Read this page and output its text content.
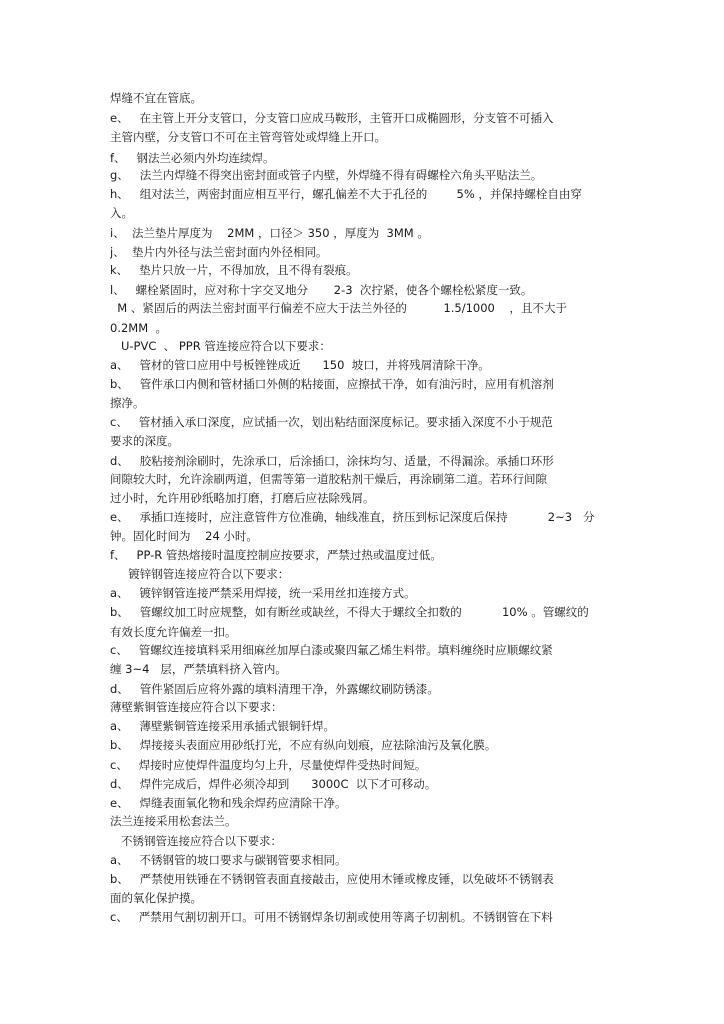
焊缝不宜在管底。
e、   在主管上开分支管口，分支管口应成马鞍形，主管开口成椭圆形，分支管不可插入
主管内壁，分支管口不可在主管弯管处或焊缝上开口。
f、   钢法兰必须内外均连续焊。
g、   法兰内焊缝不得突出密封面或管子内壁，外焊缝不得有碍螺栓六角头平贴法兰。
h、   组对法兰，两密封面应相互平行，螺孔偏差不大于孔径的        5% ，并保持螺栓自由穿
入。
i、  法兰垫片厚度为    2MM ，口径＞ 350 ，厚度为  3MM 。
j、  垫片内外径与法兰密封面内外径相同。
k、   垫片只放一片，不得加放，且不得有裂痕。
l、   螺栓紧固时，应对称十字交叉地分       2-3  次拧紧，使各个螺栓松紧度一致。
M 、紧固后的两法兰密封面平行偏差不应大于法兰外径的          1.5/1000    ，且不大于
0.2MM  。
U-PVC  、 PPR 管连接应符合以下要求：
a、   管材的管口应用中号板锉锉成近      150  坡口，并将残屑清除干净。
b、   管件承口内侧和管材插口外侧的粘接面，应擦拭干净，如有油污时，应用有机溶剂
擦净。
c、   管材插入承口深度，应试插一次，划出粘结面深度标记。要求插入深度不小于规范
要求的深度。
d、   胶粘接剂涂刷时，先涂承口，后涂插口，涂抹均匀、适量，不得漏涂。承插口环形
间隙较大时，允许涂刷两道，但需等第一道胶粘剂干燥后，再涂刷第二道。若环行间隙
过小时，允许用砂纸略加打磨，打磨后应祛除残屑。
e、   承插口连接时，应注意管件方位准确，轴线准直，挤压到标记深度后保持           2~3   分
钟。固化时间为    24 小时。
f、   PP-R 管热熔接时温度控制应按要求，严禁过热或温度过低。
镀锌钢管连接应符合以下要求：
a、   镀锌钢管连接严禁采用焊接，统一采用丝扣连接方式。
b、   管螺纹加工时应规整，如有断丝或缺丝，不得大于螺纹全扣数的           10% 。管螺纹的
有效长度允许偏差一扣。
c、   管螺纹连接填料采用细麻丝加厚白漆或聚四氟乙烯生料带。填料缠绕时应顺螺纹紧
缠 3~4   层，严禁填料挤入管内。
d、   管件紧固后应将外露的填料清理干净，外露螺纹刷防锈漆。
薄壁紫铜管连接应符合以下要求：
a、   薄壁紫铜管连接采用承插式银铜钎焊。
b、   焊接接头表面应用砂纸打光，不应有纵向划痕，应祛除油污及氧化膜。
c、   焊接时应使焊件温度均匀上升，尽量使焊件受热时间短。
d、   焊件完成后，焊件必须冷却到      3000C  以下才可移动。
e、   焊缝表面氧化物和残余焊药应清除干净。
法兰连接采用松套法兰。
不锈钢管连接应符合以下要求：
a、   不锈钢管的坡口要求与碳钢管要求相同。
b、   严禁使用铁锤在不锈钢管表面直接敲击，应使用木锤或橡皮锤，以免破坏不锈钢表
面的氧化保护摸。
c、   严禁用气割切割开口。可用不锈钢焊条切割或使用等离子切割机。不锈钢管在下料
